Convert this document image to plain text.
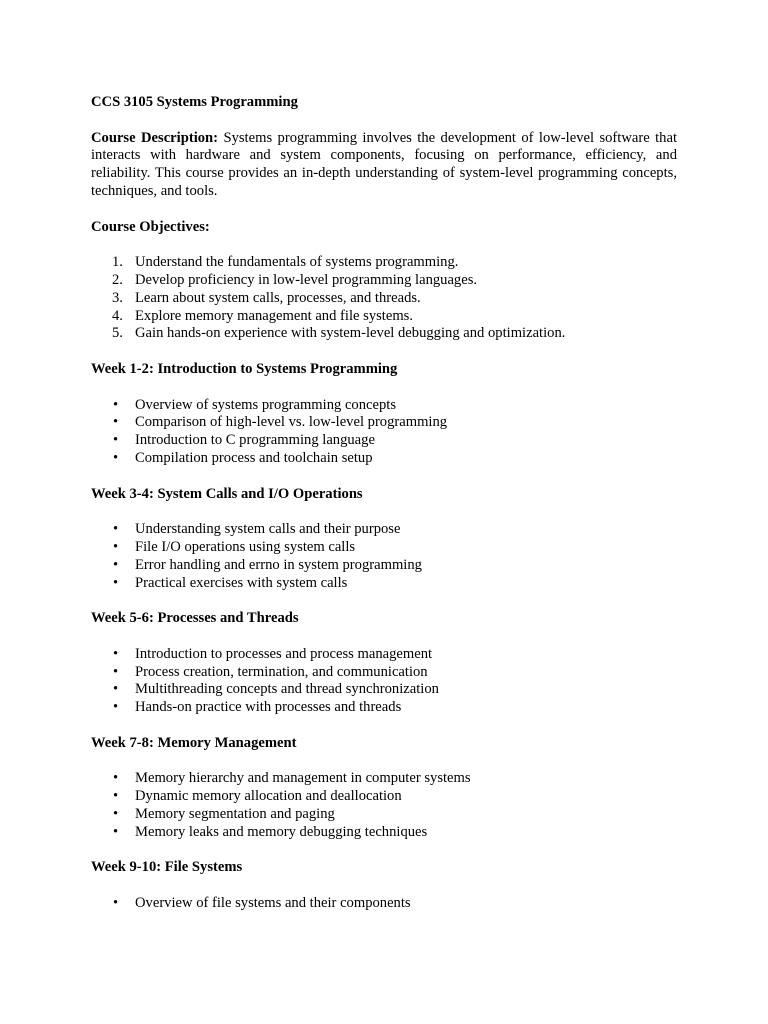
CCS 3105 Systems Programming

Course Description: Systems programming involves the development of low-level software that interacts with hardware and system components, focusing on performance, efficiency, and reliability. This course provides an in-depth understanding of system-level programming concepts, techniques, and tools.

Course Objectives:

1. Understand the fundamentals of systems programming.
2. Develop proficiency in low-level programming languages.
3. Learn about system calls, processes, and threads.
4. Explore memory management and file systems.
5. Gain hands-on experience with system-level debugging and optimization.

Week 1-2: Introduction to Systems Programming

• Overview of systems programming concepts
• Comparison of high-level vs. low-level programming
• Introduction to C programming language
• Compilation process and toolchain setup

Week 3-4: System Calls and I/O Operations

• Understanding system calls and their purpose
• File I/O operations using system calls
• Error handling and errno in system programming
• Practical exercises with system calls

Week 5-6: Processes and Threads

• Introduction to processes and process management
• Process creation, termination, and communication
• Multithreading concepts and thread synchronization
• Hands-on practice with processes and threads

Week 7-8: Memory Management

• Memory hierarchy and management in computer systems
• Dynamic memory allocation and deallocation
• Memory segmentation and paging
• Memory leaks and memory debugging techniques

Week 9-10: File Systems

• Overview of file systems and their components
